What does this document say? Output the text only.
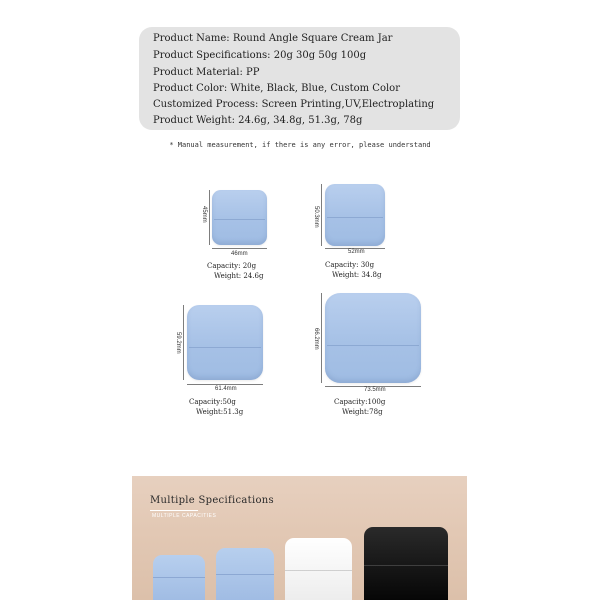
Product Name: Round Angle Square Cream Jar
Product Specifications: 20g 30g 50g 100g
Product Material: PP
Product Color: White, Black, Blue, Custom Color
Customized Process: Screen Printing,UV,Electroplating
Product Weight: 24.6g, 34.8g, 51.3g, 78g
* Manual measurement, if there is any error, please understand
45mm
46mm
Capacity: 20g
Weight: 24.6g
50.3mm
52mm
Capacity: 30g
Weight: 34.8g
59.2mm
61.4mm
Capacity:50g
Weight:51.3g
66.2mm
73.5mm
Capacity:100g
Weight:78g
Multiple Specifications
MULTIPLE CAPACITIES
